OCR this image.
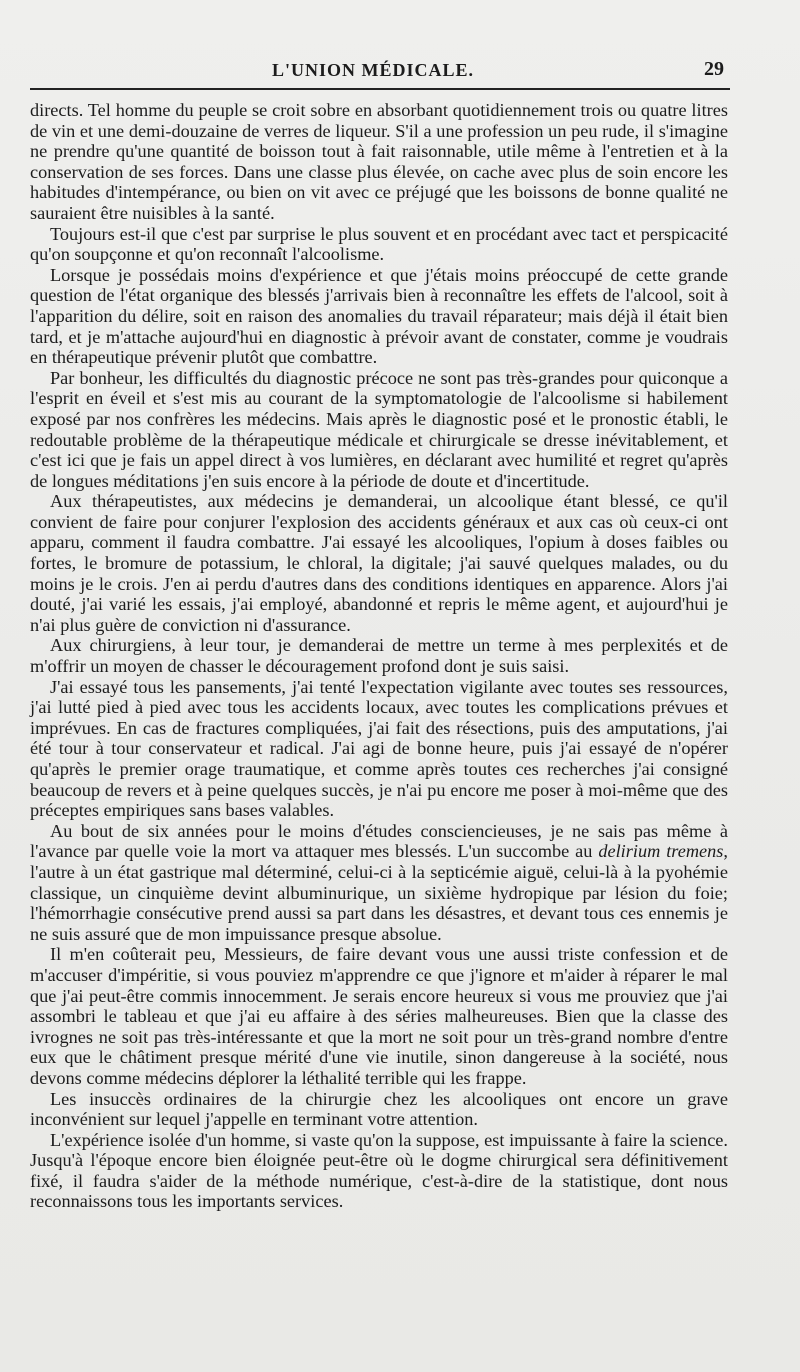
L'UNION MÉDICALE.	29

directs. Tel homme du peuple se croit sobre en absorbant quotidiennement trois ou quatre litres de vin et une demi-douzaine de verres de liqueur. S'il a une profession un peu rude, il s'imagine ne prendre qu'une quantité de boisson tout à fait raisonnable, utile même à l'entretien et à la conservation de ses forces. Dans une classe plus élevée, on cache avec plus de soin encore les habitudes d'intempérance, ou bien on vit avec ce préjugé que les boissons de bonne qualité ne sauraient être nuisibles à la santé.

Toujours est-il que c'est par surprise le plus souvent et en procédant avec tact et perspicacité qu'on soupçonne et qu'on reconnaît l'alcoolisme.

Lorsque je possédais moins d'expérience et que j'étais moins préoccupé de cette grande question de l'état organique des blessés j'arrivais bien à reconnaître les effets de l'alcool, soit à l'apparition du délire, soit en raison des anomalies du travail réparateur; mais déjà il était bien tard, et je m'attache aujourd'hui en diagnostic à prévoir avant de constater, comme je voudrais en thérapeutique prévenir plutôt que combattre.

Par bonheur, les difficultés du diagnostic précoce ne sont pas très-grandes pour quiconque a l'esprit en éveil et s'est mis au courant de la symptomatologie de l'alcoolisme si habilement exposé par nos confrères les médecins. Mais après le diagnostic posé et le pronostic établi, le redoutable problème de la thérapeutique médicale et chirurgicale se dresse inévitablement, et c'est ici que je fais un appel direct à vos lumières, en déclarant avec humilité et regret qu'après de longues méditations j'en suis encore à la période de doute et d'incertitude.

Aux thérapeutistes, aux médecins je demanderai, un alcoolique étant blessé, ce qu'il convient de faire pour conjurer l'explosion des accidents généraux et aux cas où ceux-ci ont apparu, comment il faudra combattre. J'ai essayé les alcooliques, l'opium à doses faibles ou fortes, le bromure de potassium, le chloral, la digitale; j'ai sauvé quelques malades, ou du moins je le crois. J'en ai perdu d'autres dans des conditions identiques en apparence. Alors j'ai douté, j'ai varié les essais, j'ai employé, abandonné et repris le même agent, et aujourd'hui je n'ai plus guère de conviction ni d'assurance.

Aux chirurgiens, à leur tour, je demanderai de mettre un terme à mes perplexités et de m'offrir un moyen de chasser le découragement profond dont je suis saisi.

J'ai essayé tous les pansements, j'ai tenté l'expectation vigilante avec toutes ses ressources, j'ai lutté pied à pied avec tous les accidents locaux, avec toutes les complications prévues et imprévues. En cas de fractures compliquées, j'ai fait des résections, puis des amputations, j'ai été tour à tour conservateur et radical. J'ai agi de bonne heure, puis j'ai essayé de n'opérer qu'après le premier orage traumatique, et comme après toutes ces recherches j'ai consigné beaucoup de revers et à peine quelques succès, je n'ai pu encore me poser à moi-même que des préceptes empiriques sans bases valables.

Au bout de six années pour le moins d'études consciencieuses, je ne sais pas même à l'avance par quelle voie la mort va attaquer mes blessés. L'un succombe au delirium tremens, l'autre à un état gastrique mal déterminé, celui-ci à la septicémie aiguë, celui-là à la pyohémie classique, un cinquième devint albuminurique, un sixième hydropique par lésion du foie; l'hémorrhagie consécutive prend aussi sa part dans les désastres, et devant tous ces ennemis je ne suis assuré que de mon impuissance presque absolue.

Il m'en coûterait peu, Messieurs, de faire devant vous une aussi triste confession et de m'accuser d'impéritie, si vous pouviez m'apprendre ce que j'ignore et m'aider à réparer le mal que j'ai peut-être commis innocemment. Je serais encore heureux si vous me prouviez que j'ai assombri le tableau et que j'ai eu affaire à des séries malheureuses. Bien que la classe des ivrognes ne soit pas très-intéressante et que la mort ne soit pour un très-grand nombre d'entre eux que le châtiment presque mérité d'une vie inutile, sinon dangereuse à la société, nous devons comme médecins déplorer la léthalité terrible qui les frappe.

Les insuccès ordinaires de la chirurgie chez les alcooliques ont encore un grave inconvénient sur lequel j'appelle en terminant votre attention.

L'expérience isolée d'un homme, si vaste qu'on la suppose, est impuissante à faire la science. Jusqu'à l'époque encore bien éloignée peut-être où le dogme chirurgical sera définitivement fixé, il faudra s'aider de la méthode numérique, c'est-à-dire de la statistique, dont nous reconnaissons tous les importants services.
